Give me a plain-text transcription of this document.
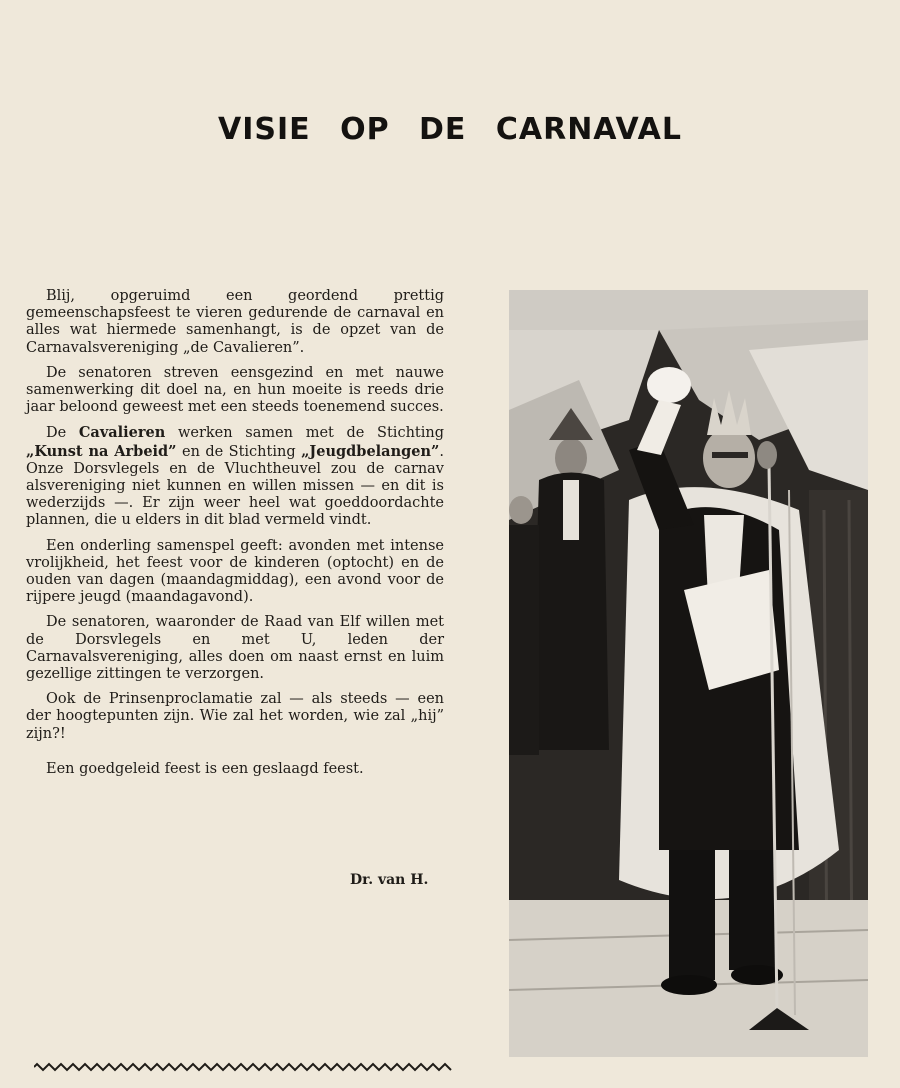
VISIE OP DE CARNAVAL

Blij, opgeruimd een geordend prettig gemeenschapsfeest te vieren gedurende de carnaval en alles wat hiermede samenhangt, is de opzet van de Carnavalsvereniging „de Cavalieren”.

De senatoren streven eensgezind en met nauwe samenwerking dit doel na, en hun moeite is reeds drie jaar beloond geweest met een steeds toenemend succes.

De Cavalieren werken samen met de Stichting „Kunst na Arbeid” en de Stichting „Jeugdbelangen”. Onze Dorsvlegels en de Vluchtheuvel zou de carnav alsvereniging niet kunnen en willen missen — en dit is wederzijds —. Er zijn weer heel wat goeddoordachte plannen, die u elders in dit blad vermeld vindt.

Een onderling samenspel geeft: avonden met intense vrolijkheid, het feest voor de kinderen (optocht) en de ouden van dagen (maandagmiddag), een avond voor de rijpere jeugd (maandagavond).

De senatoren, waaronder de Raad van Elf willen met de Dorsvlegels en met U, leden der Carnavalsvereniging, alles doen om naast ernst en luim gezellige zittingen te verzorgen.

Ook de Prinsenproclamatie zal — als steeds — een der hoogtepunten zijn. Wie zal het worden, wie zal „hij” zijn?!

Een goedgeleid feest is een geslaagd feest.

Dr. van H.
